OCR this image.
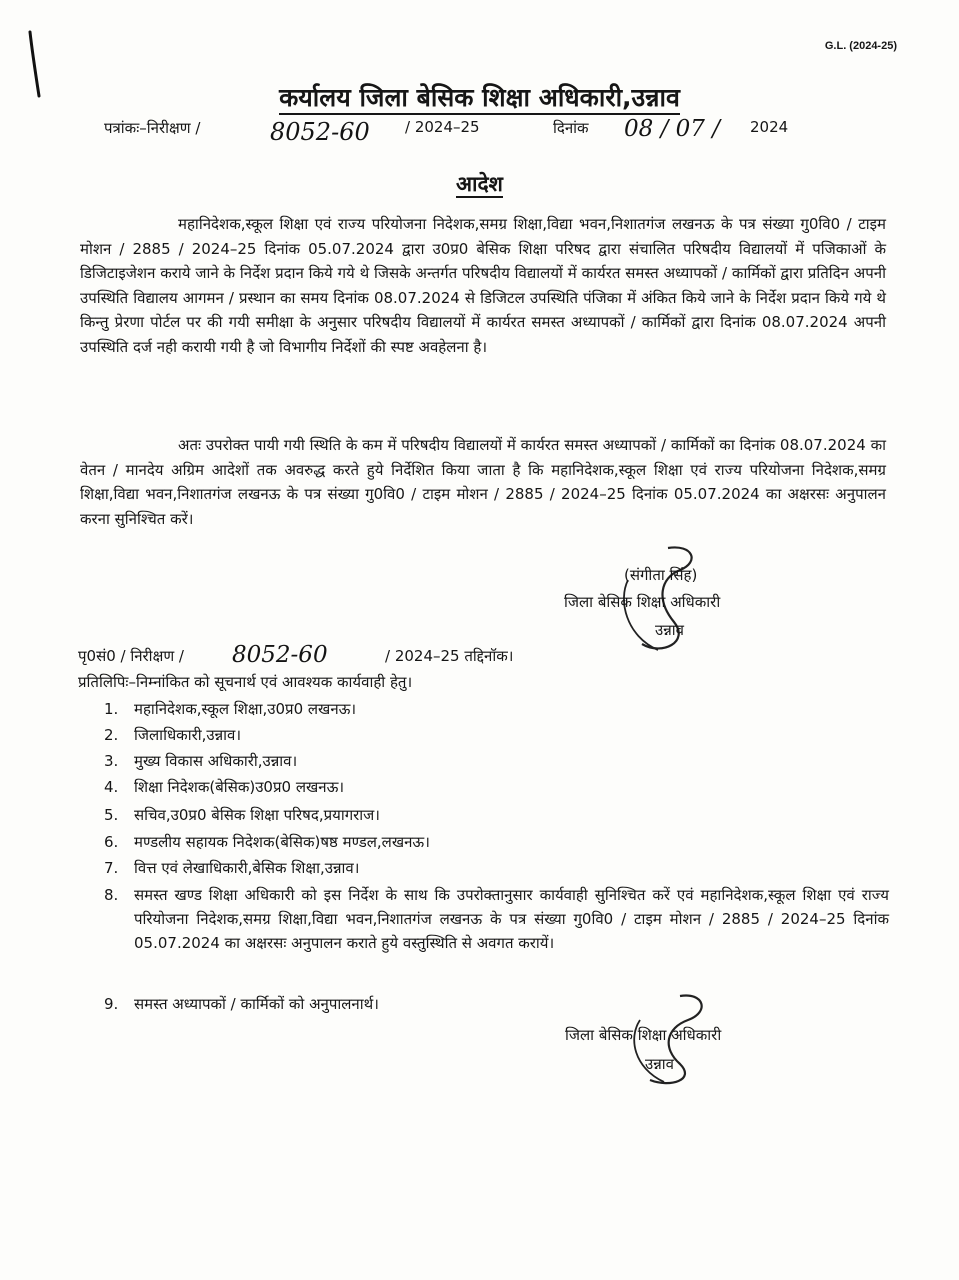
G.L. (2024-25)
कर्यालय जिला बेसिक शिक्षा अधिकारी,उन्नाव
पत्रांकः–निरीक्षण /	8052-60 / 2024–25	दिनांक 08 / 07 / 2024
आदेश
महानिदेशक,स्कूल शिक्षा एवं राज्य परियोजना निदेशक,समग्र शिक्षा,विद्या भवन,निशातगंज लखनऊ के पत्र संख्या गु0वि0 / टाइम मोशन / 2885 / 2024–25 दिनांक 05.07.2024 द्वारा उ0प्र0 बेसिक शिक्षा परिषद द्वारा संचालित परिषदीय विद्यालयों में पजिकाओं के डिजिटाइजेशन कराये जाने के निर्देश प्रदान किये गये थे जिसके अन्तर्गत परिषदीय विद्यालयों में कार्यरत समस्त अध्यापकों / कार्मिकों द्वारा प्रतिदिन अपनी उपस्थिति विद्यालय आगमन / प्रस्थान का समय दिनांक 08.07.2024 से डिजिटल उपस्थिति पंजिका में अंकित किये जाने के निर्देश प्रदान किये गये थे किन्तु प्रेरणा पोर्टल पर की गयी समीक्षा के अनुसार परिषदीय विद्यालयों में कार्यरत समस्त अध्यापकों / कार्मिकों द्वारा दिनांक 08.07.2024 अपनी उपस्थिति दर्ज नही करायी गयी है जो विभागीय निर्देशों की स्पष्ट अवहेलना है।
अतः उपरोक्त पायी गयी स्थिति के कम में परिषदीय विद्यालयों में कार्यरत समस्त अध्यापकों / कार्मिकों का दिनांक 08.07.2024 का वेतन / मानदेय अग्रिम आदेशों तक अवरुद्ध करते हुये निर्देशित किया जाता है कि महानिदेशक,स्कूल शिक्षा एवं राज्य परियोजना निदेशक,समग्र शिक्षा,विद्या भवन,निशातगंज लखनऊ के पत्र संख्या गु0वि0 / टाइम मोशन / 2885 / 2024–25 दिनांक 05.07.2024 का अक्षरसः अनुपालन करना सुनिश्चित करें।
(संगीता सिंह)
जिला बेसिक शिक्षा अधिकारी
उन्नाव
पृ0सं0 / निरीक्षण / 8052-60	/ 2024–25 तद्दिनॉक।
प्रतिलिपिः–निम्नांकित को सूचनार्थ एवं आवश्यक कार्यवाही हेतु।
1.	महानिदेशक,स्कूल शिक्षा,उ0प्र0 लखनऊ।
2.	जिलाधिकारी,उन्नाव।
3.	मुख्य विकास अधिकारी,उन्नाव।
4.	शिक्षा निदेशक(बेसिक)उ0प्र0 लखनऊ।
5.	सचिव,उ0प्र0 बेसिक शिक्षा परिषद,प्रयागराज।
6.	मण्डलीय सहायक निदेशक(बेसिक)षष्ठ मण्डल,लखनऊ।
7.	वित्त एवं लेखाधिकारी,बेसिक शिक्षा,उन्नाव।
8.	समस्त खण्ड शिक्षा अधिकारी को इस निर्देश के साथ कि उपरोक्तानुसार कार्यवाही सुनिश्चित करें एवं महानिदेशक,स्कूल शिक्षा एवं राज्य परियोजना निदेशक,समग्र शिक्षा,विद्या भवन,निशातगंज लखनऊ के पत्र संख्या गु0वि0 / टाइम मोशन / 2885 / 2024–25 दिनांक 05.07.2024 का अक्षरसः अनुपालन कराते हुये वस्तुस्थिति से अवगत करायें।
9.	समस्त अध्यापकों / कार्मिकों को अनुपालनार्थ।
जिला बेसिक शिक्षा अधिकारी
उन्नाव
